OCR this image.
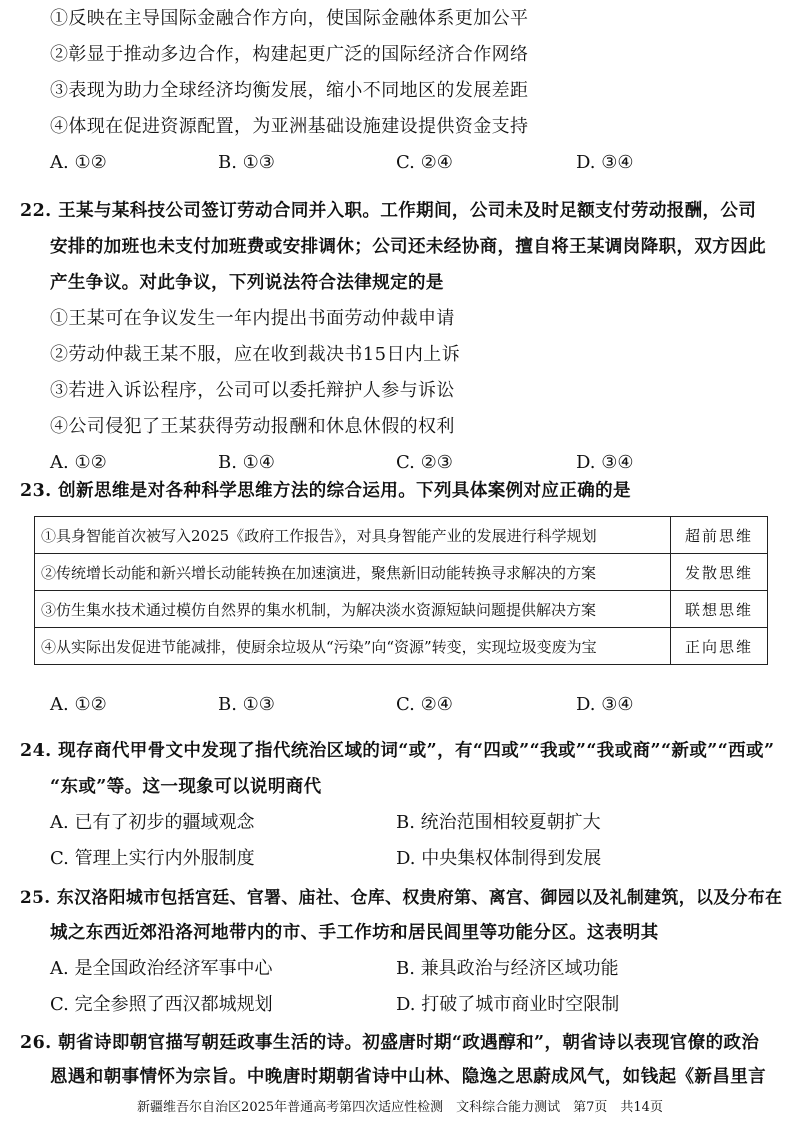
①反映在主导国际金融合作方向，使国际金融体系更加公平
②彰显于推动多边合作，构建起更广泛的国际经济合作网络
③表现为助力全球经济均衡发展，缩小不同地区的发展差距
④体现在促进资源配置，为亚洲基础设施建设提供资金支持
A. ①②	B. ①③	C. ②④	D. ③④
22. 王某与某科技公司签订劳动合同并入职。工作期间，公司未及时足额支付劳动报酬，公司
安排的加班也未支付加班费或安排调休；公司还未经协商，擅自将王某调岗降职，双方因此
产生争议。对此争议，下列说法符合法律规定的是
①王某可在争议发生一年内提出书面劳动仲裁申请
②劳动仲裁王某不服，应在收到裁决书15日内上诉
③若进入诉讼程序，公司可以委托辩护人参与诉讼
④公司侵犯了王某获得劳动报酬和休息休假的权利
A. ①②	B. ①④	C. ②③	D. ③④
23. 创新思维是对各种科学思维方法的综合运用。下列具体案例对应正确的是
①具身智能首次被写入2025《政府工作报告》，对具身智能产业的发展进行科学规划	超前思维
②传统增长动能和新兴增长动能转换在加速演进，聚焦新旧动能转换寻求解决的方案	发散思维
③仿生集水技术通过模仿自然界的集水机制，为解决淡水资源短缺问题提供解决方案	联想思维
④从实际出发促进节能减排，使厨余垃圾从“污染”向“资源”转变，实现垃圾变废为宝	正向思维
A. ①②	B. ①③	C. ②④	D. ③④
24. 现存商代甲骨文中发现了指代统治区域的词“或”，有“四或”“我或”“我或商”“新或”“西或”
“东或”等。这一现象可以说明商代
A. 已有了初步的疆域观念	B. 统治范围相较夏朝扩大
C. 管理上实行内外服制度	D. 中央集权体制得到发展
25. 东汉洛阳城市包括宫廷、官署、庙社、仓库、权贵府第、离宫、御园以及礼制建筑，以及分布在
城之东西近郊沿洛河地带内的市、手工作坊和居民闾里等功能分区。这表明其
A. 是全国政治经济军事中心	B. 兼具政治与经济区域功能
C. 完全参照了西汉都城规划	D. 打破了城市商业时空限制
26. 朝省诗即朝官描写朝廷政事生活的诗。初盛唐时期“政遇醇和”，朝省诗以表现官僚的政治
恩遇和朝事情怀为宗旨。中晚唐时期朝省诗中山林、隐逸之思蔚成风气，如钱起《新昌里言
新疆维吾尔自治区2025年普通高考第四次适应性检测　文科综合能力测试　第7页　共14页
